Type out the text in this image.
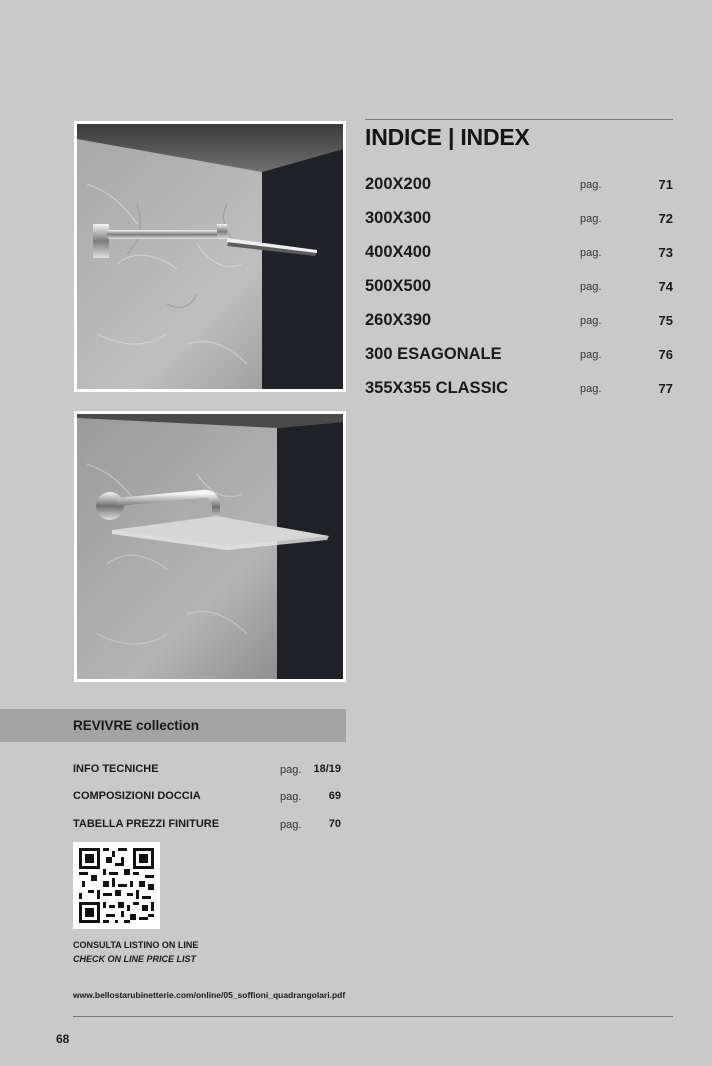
INDICE | INDEX
200X200	pag.	71
300X300	pag.	72
400X400	pag.	73
500X500	pag.	74
260X390	pag.	75
300 ESAGONALE	pag.	76
355X355 CLASSIC	pag.	77
REVIVRE collection
INFO TECNICHE	pag. 18/19
COMPOSIZIONI DOCCIA	pag. 69
TABELLA PREZZI FINITURE	pag. 70
CONSULTA LISTINO ON LINE
CHECK ON LINE PRICE LIST
www.bellostarubinetterie.com/online/05_soffioni_quadrangolari.pdf
68
